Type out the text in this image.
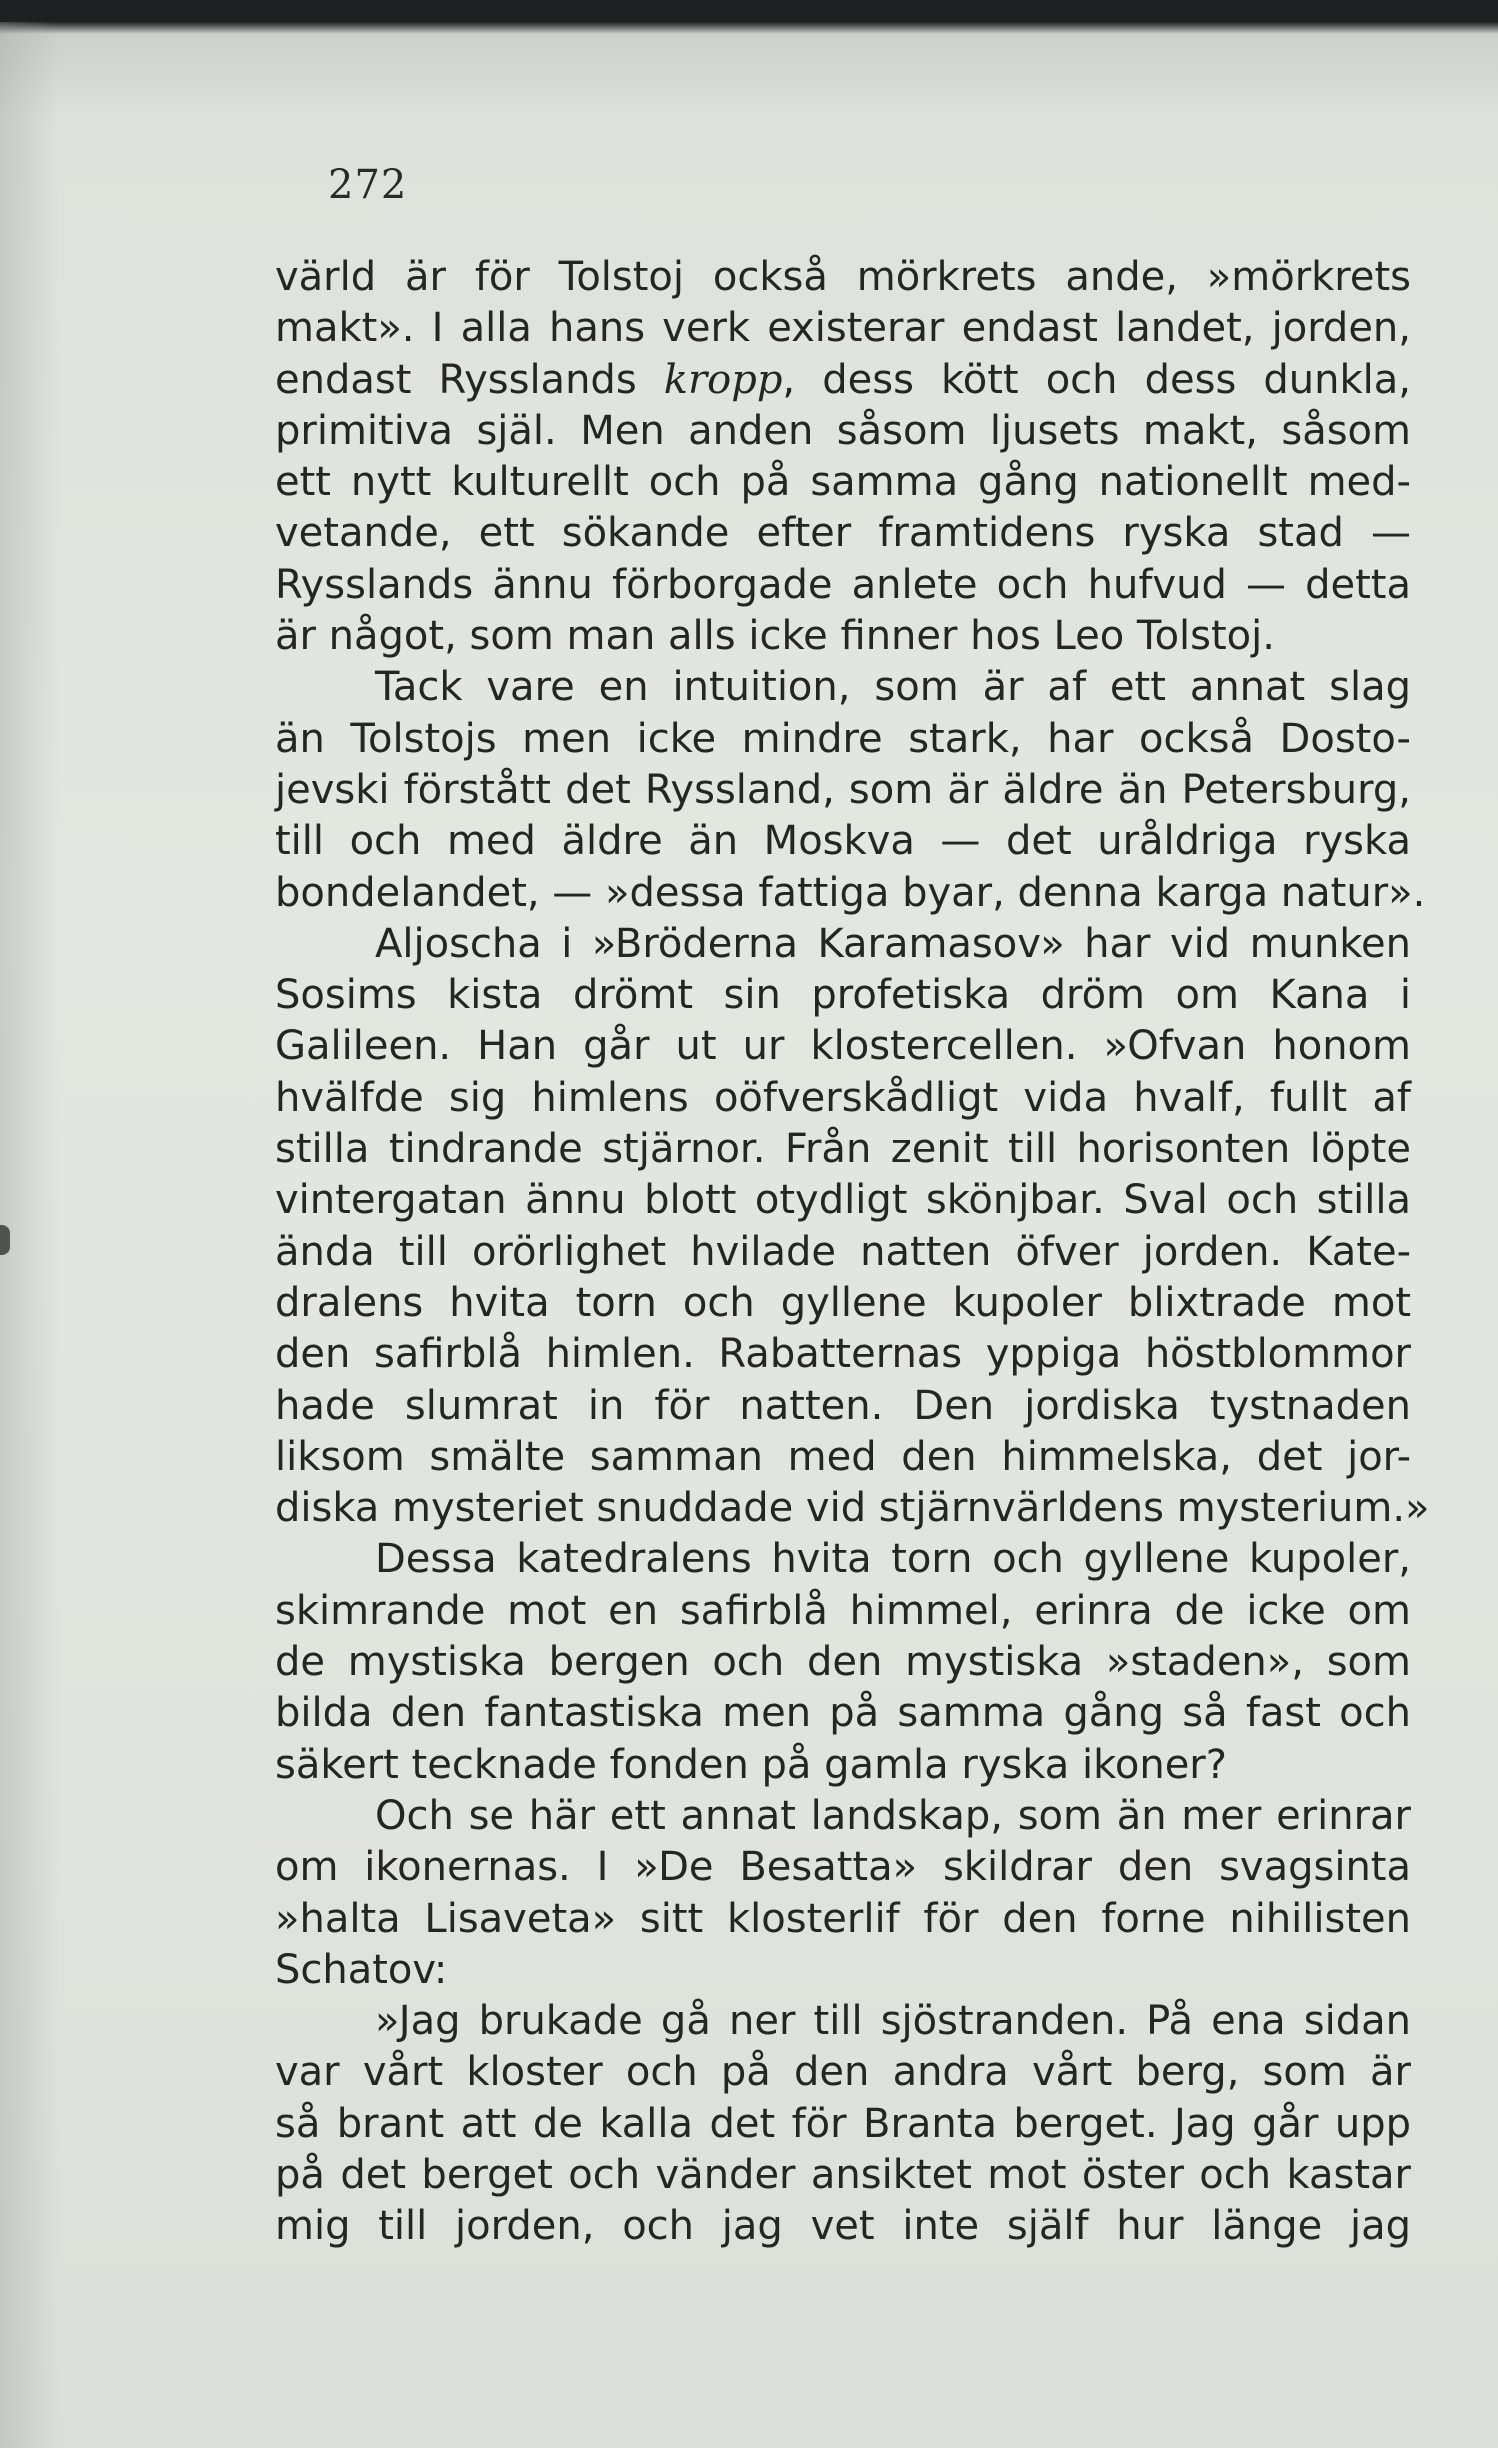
272
värld är för Tolstoj också mörkrets ande, »mörkrets
makt». I alla hans verk existerar endast landet, jorden,
endast Rysslands kropp, dess kött och dess dunkla,
primitiva själ. Men anden såsom ljusets makt, såsom
ett nytt kulturellt och på samma gång nationellt med-
vetande, ett sökande efter framtidens ryska stad —
Rysslands ännu förborgade anlete och hufvud — detta
är något, som man alls icke finner hos Leo Tolstoj.
Tack vare en intuition, som är af ett annat slag
än Tolstojs men icke mindre stark, har också Dosto-
jevski förstått det Ryssland, som är äldre än Petersburg,
till och med äldre än Moskva — det uråldriga ryska
bondelandet, — »dessa fattiga byar, denna karga natur».
Aljoscha i »Bröderna Karamasov» har vid munken
Sosims kista drömt sin profetiska dröm om Kana i
Galileen. Han går ut ur klostercellen. »Ofvan honom
hvälfde sig himlens oöfverskådligt vida hvalf, fullt af
stilla tindrande stjärnor. Från zenit till horisonten löpte
vintergatan ännu blott otydligt skönjbar. Sval och stilla
ända till orörlighet hvilade natten öfver jorden. Kate-
dralens hvita torn och gyllene kupoler blixtrade mot
den safirblå himlen. Rabatternas yppiga höstblommor
hade slumrat in för natten. Den jordiska tystnaden
liksom smälte samman med den himmelska, det jor-
diska mysteriet snuddade vid stjärnvärldens mysterium.»
Dessa katedralens hvita torn och gyllene kupoler,
skimrande mot en safirblå himmel, erinra de icke om
de mystiska bergen och den mystiska »staden», som
bilda den fantastiska men på samma gång så fast och
säkert tecknade fonden på gamla ryska ikoner?
Och se här ett annat landskap, som än mer erinrar
om ikonernas. I »De Besatta» skildrar den svagsinta
»halta Lisaveta» sitt klosterlif för den forne nihilisten
Schatov:
»Jag brukade gå ner till sjöstranden. På ena sidan
var vårt kloster och på den andra vårt berg, som är
så brant att de kalla det för Branta berget. Jag går upp
på det berget och vänder ansiktet mot öster och kastar
mig till jorden, och jag vet inte själf hur länge jag
